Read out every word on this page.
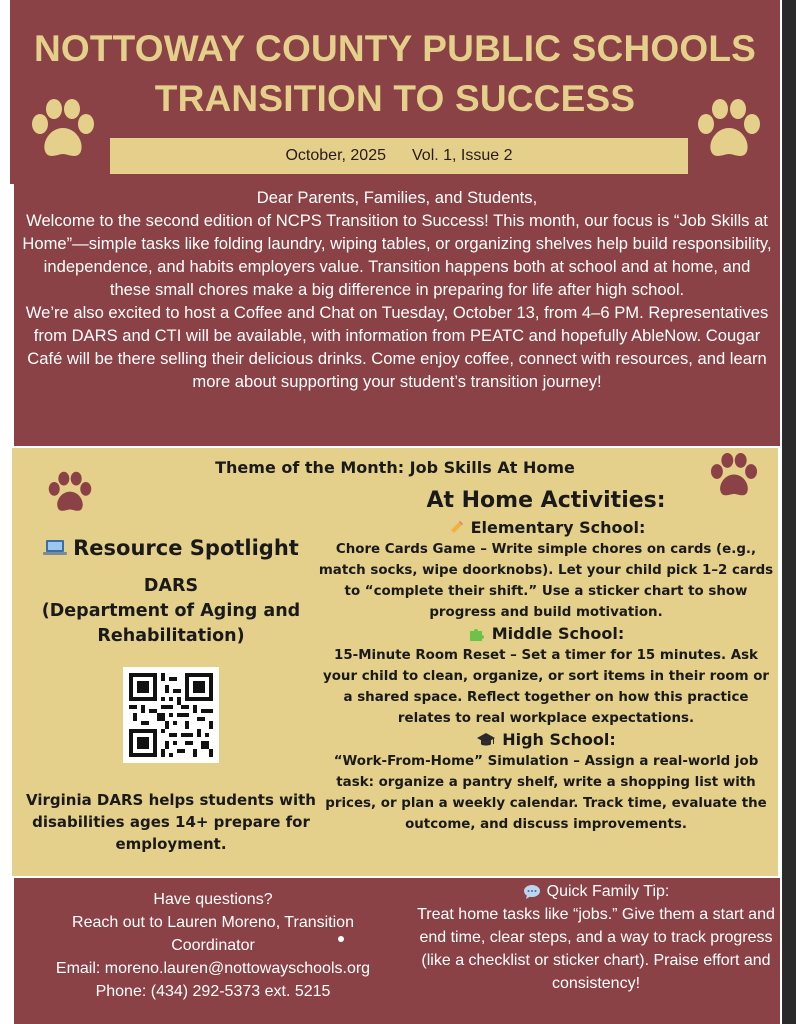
NOTTOWAY COUNTY PUBLIC SCHOOLS
TRANSITION TO SUCCESS
October, 2025 Vol. 1, Issue 2
Dear Parents, Families, and Students,
Welcome to the second edition of NCPS Transition to Success! This month, our focus is “Job Skills at Home”—simple tasks like folding laundry, wiping tables, or organizing shelves help build responsibility, independence, and habits employers value. Transition happens both at school and at home, and these small chores make a big difference in preparing for life after high school.
We’re also excited to host a Coffee and Chat on Tuesday, October 13, from 4–6 PM. Representatives from DARS and CTI will be available, with information from PEATC and hopefully AbleNow. Cougar Café will be there selling their delicious drinks. Come enjoy coffee, connect with resources, and learn more about supporting your student’s transition journey!
Theme of the Month: Job Skills At Home
Resource Spotlight
DARS
(Department of Aging and Rehabilitation)
Virginia DARS helps students with disabilities ages 14+ prepare for employment.
At Home Activities:
Elementary School:
Chore Cards Game – Write simple chores on cards (e.g., match socks, wipe doorknobs). Let your child pick 1–2 cards to “complete their shift.” Use a sticker chart to show progress and build motivation.
Middle School:
15-Minute Room Reset – Set a timer for 15 minutes. Ask your child to clean, organize, or sort items in their room or a shared space. Reflect together on how this practice relates to real workplace expectations.
High School:
“Work-From-Home” Simulation – Assign a real-world job task: organize a pantry shelf, write a shopping list with prices, or plan a weekly calendar. Track time, evaluate the outcome, and discuss improvements.
Have questions?
Reach out to Lauren Moreno, Transition Coordinator
Email: moreno.lauren@nottowayschools.org
Phone: (434) 292-5373 ext. 5215
Quick Family Tip:
Treat home tasks like “jobs.” Give them a start and end time, clear steps, and a way to track progress (like a checklist or sticker chart). Praise effort and consistency!
